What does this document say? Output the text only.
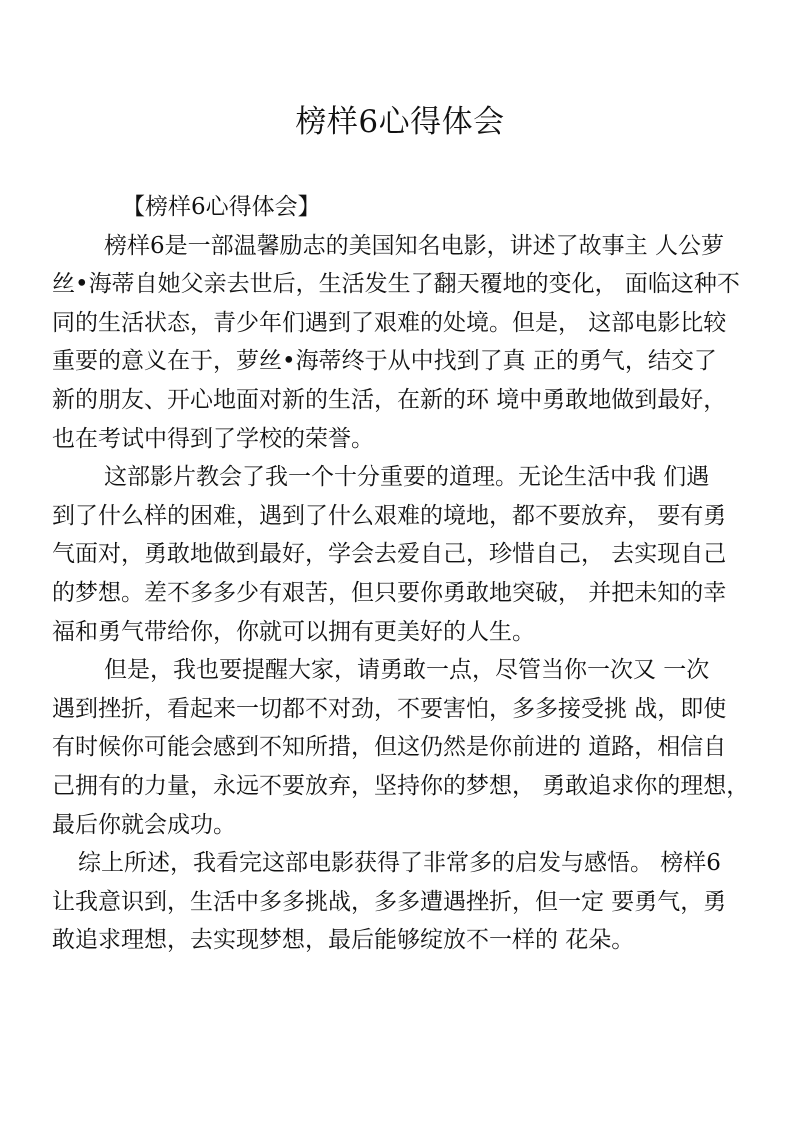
榜样6心得体会
【榜样6心得体会】
榜样6是一部温馨励志的美国知名电影，讲述了故事主 人公萝
丝•海蒂自她父亲去世后，生活发生了翻天覆地的变化， 面临这种不
同的生活状态，青少年们遇到了艰难的处境。但是， 这部电影比较
重要的意义在于，萝丝•海蒂终于从中找到了真 正的勇气，结交了
新的朋友、开心地面对新的生活，在新的环 境中勇敢地做到最好，
也在考试中得到了学校的荣誉。
这部影片教会了我一个十分重要的道理。无论生活中我 们遇
到了什么样的困难，遇到了什么艰难的境地，都不要放弃， 要有勇
气面对，勇敢地做到最好，学会去爱自己，珍惜自己， 去实现自己
的梦想。差不多多少有艰苦，但只要你勇敢地突破， 并把未知的幸
福和勇气带给你，你就可以拥有更美好的人生。
但是，我也要提醒大家，请勇敢一点，尽管当你一次又 一次
遇到挫折，看起来一切都不对劲，不要害怕，多多接受挑 战，即使
有时候你可能会感到不知所措，但这仍然是你前进的 道路，相信自
己拥有的力量，永远不要放弃，坚持你的梦想， 勇敢追求你的理想，
最后你就会成功。
综上所述，我看完这部电影获得了非常多的启发与感悟。 榜样6
让我意识到，生活中多多挑战，多多遭遇挫折，但一定 要勇气，勇
敢追求理想，去实现梦想，最后能够绽放不一样的 花朵。
